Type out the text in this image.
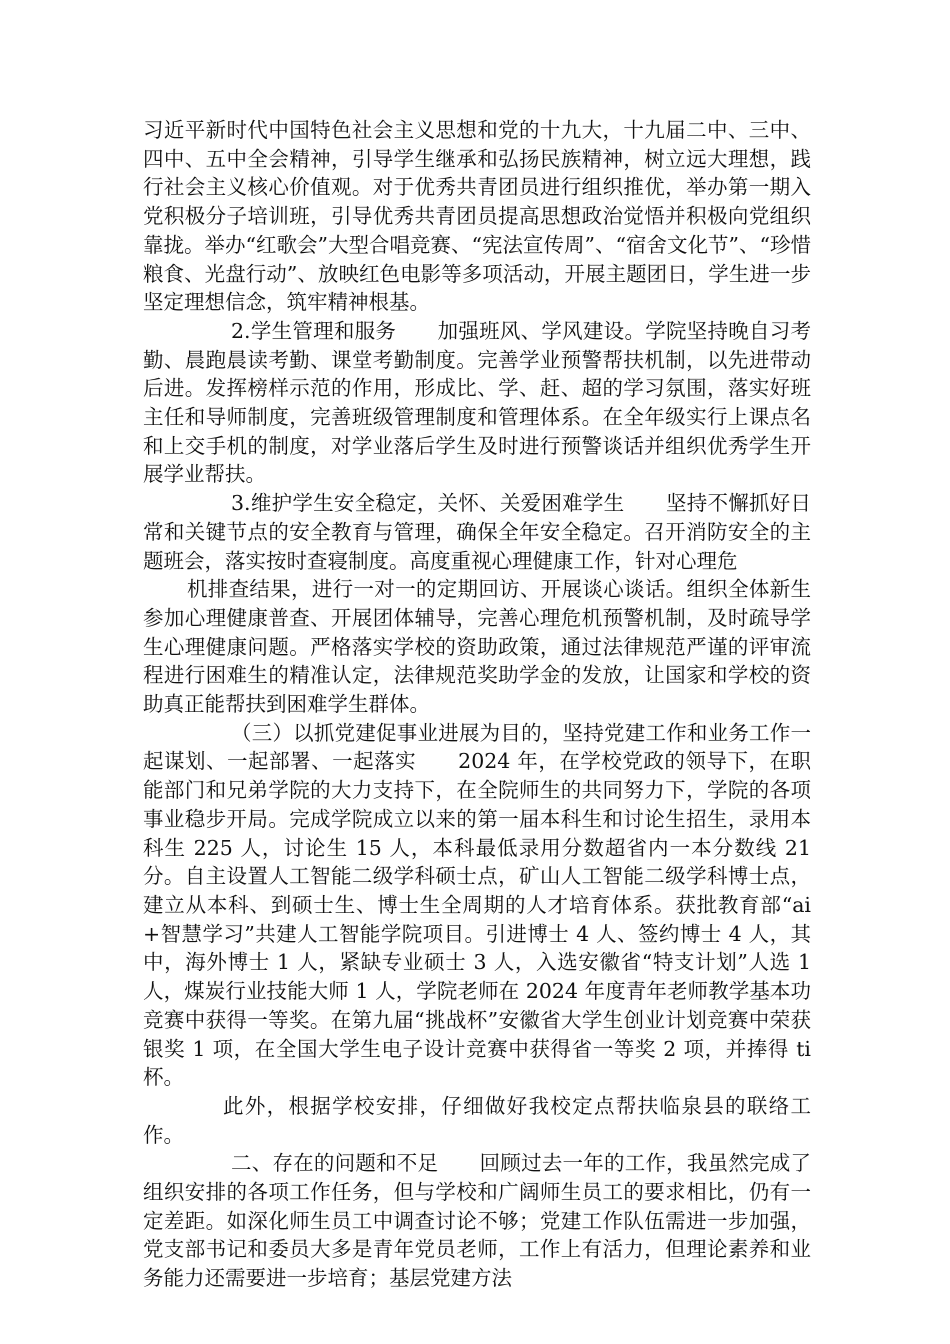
习近平新时代中国特色社会主义思想和党的十九大，十九届二中、三中、四中、五中全会精神，引导学生继承和弘扬民族精神，树立远大理想，践行社会主义核心价值观。对于优秀共青团员进行组织推优，举办第一期入党积极分子培训班，引导优秀共青团员提高思想政治觉悟并积极向党组织靠拢。举办“红歌会”大型合唱竞赛、“宪法宣传周”、“宿舍文化节”、“珍惜粮食、光盘行动”、放映红色电影等多项活动，开展主题团日，学生进一步坚定理想信念，筑牢精神根基。

2.学生管理和服务　　加强班风、学风建设。学院坚持晚自习考勤、晨跑晨读考勤、课堂考勤制度。完善学业预警帮扶机制，以先进带动后进。发挥榜样示范的作用，形成比、学、赶、超的学习氛围，落实好班主任和导师制度，完善班级管理制度和管理体系。在全年级实行上课点名和上交手机的制度，对学业落后学生及时进行预警谈话并组织优秀学生开展学业帮扶。

3.维护学生安全稳定，关怀、关爱困难学生　　坚持不懈抓好日常和关键节点的安全教育与管理，确保全年安全稳定。召开消防安全的主题班会，落实按时查寝制度。高度重视心理健康工作，针对心理危

机排查结果，进行一对一的定期回访、开展谈心谈话。组织全体新生参加心理健康普查、开展团体辅导，完善心理危机预警机制，及时疏导学生心理健康问题。严格落实学校的资助政策，通过法律规范严谨的评审流程进行困难生的精准认定，法律规范奖助学金的发放，让国家和学校的资助真正能帮扶到困难学生群体。

（三）以抓党建促事业进展为目的，坚持党建工作和业务工作一起谋划、一起部署、一起落实　　2024 年，在学校党政的领导下，在职能部门和兄弟学院的大力支持下，在全院师生的共同努力下，学院的各项事业稳步开局。完成学院成立以来的第一届本科生和讨论生招生，录用本科生 225 人，讨论生 15 人，本科最低录用分数超省内一本分数线 21 分。自主设置人工智能二级学科硕士点，矿山人工智能二级学科博士点，建立从本科、到硕士生、博士生全周期的人才培育体系。获批教育部“ai+智慧学习”共建人工智能学院项目。引进博士 4 人、签约博士 4 人，其中，海外博士 1 人，紧缺专业硕士 3 人，入选安徽省“特支计划”人选 1 人，煤炭行业技能大师 1 人，学院老师在 2024 年度青年老师教学基本功竞赛中获得一等奖。在第九届“挑战杯”安徽省大学生创业计划竞赛中荣获银奖 1 项，在全国大学生电子设计竞赛中获得省一等奖 2 项，并捧得 ti 杯。

此外，根据学校安排，仔细做好我校定点帮扶临泉县的联络工作。

二、存在的问题和不足　　回顾过去一年的工作，我虽然完成了组织安排的各项工作任务，但与学校和广阔师生员工的要求相比，仍有一定差距。如深化师生员工中调查讨论不够；党建工作队伍需进一步加强，党支部书记和委员大多是青年党员老师，工作上有活力，但理论素养和业务能力还需要进一步培育；基层党建方法
